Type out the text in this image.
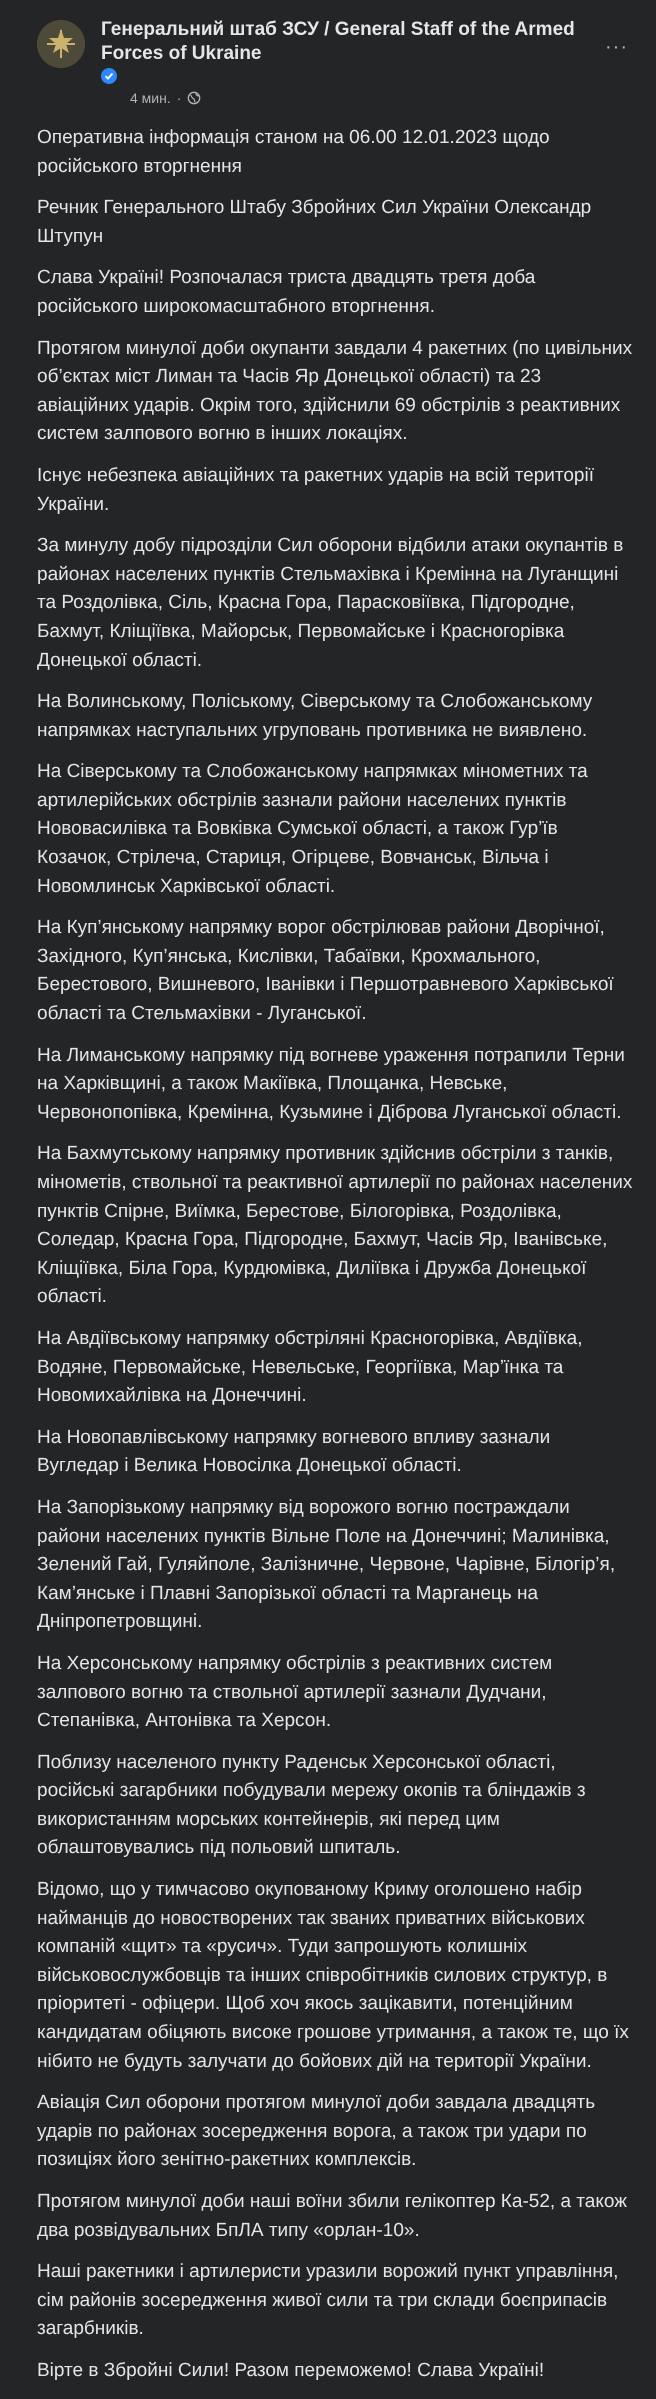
Генеральний штаб ЗСУ / General Staff of the Armed Forces of Ukraine
4 мин. ·
···

Оперативна інформація станом на 06.00 12.01.2023 щодо російського вторгнення

Речник Генерального Штабу Збройних Сил України Олександр Штупун

Слава Україні! Розпочалася триста двадцять третя доба російського широкомасштабного вторгнення.

Протягом минулої доби окупанти завдали 4 ракетних (по цивільних об’єктах міст Лиман та Часів Яр Донецької області) та 23 авіаційних ударів. Окрім того, здійснили 69 обстрілів з реактивних систем залпового вогню в інших локаціях.

Існує небезпека авіаційних та ракетних ударів на всій території України.

За минулу добу підрозділи Сил оборони відбили атаки окупантів в районах населених пунктів Стельмахівка і Кремінна на Луганщині та Роздолівка, Сіль, Красна Гора, Парасковіївка, Підгородне, Бахмут, Кліщіївка, Майорськ, Первомайське і Красногорівка Донецької області.

На Волинському, Поліському, Сіверському та Слобожанському напрямках наступальних угруповань противника не виявлено.

На Сіверському та Слобожанському напрямках мінометних та артилерійських обстрілів зазнали райони населених пунктів Нововасилівка та Вовківка Сумської області, а також Гур’їв Козачок, Стрілеча, Стариця, Огірцеве, Вовчанськ, Вільча і Новомлинськ Харківської області.

На Куп’янському напрямку ворог обстрілював райони Дворічної, Західного, Куп’янська, Кислівки, Табаївки, Крохмального, Берестового, Вишневого, Іванівки і Першотравневого Харківської області та Стельмахівки - Луганської.

На Лиманському напрямку під вогневе ураження потрапили Терни на Харківщині, а також Макіївка, Площанка, Невське, Червонопопівка, Кремінна, Кузьмине і Діброва Луганської області.

На Бахмутському напрямку противник здійснив обстріли з танків, мінометів, ствольної та реактивної артилерії по районах населених пунктів Спірне, Виїмка, Берестове, Білогорівка, Роздолівка, Соледар, Красна Гора, Підгородне, Бахмут, Часів Яр, Іванівське, Кліщіївка, Біла Гора, Курдюмівка, Диліївка і Дружба Донецької області.

На Авдіївському напрямку обстріляні Красногорівка, Авдіївка, Водяне, Первомайське, Невельське, Георгіївка, Мар’їнка та Новомихайлівка на Донеччині.

На Новопавлівському напрямку вогневого впливу зазнали Вугледар і Велика Новосілка Донецької області.

На Запорізькому напрямку від ворожого вогню постраждали райони населених пунктів Вільне Поле на Донеччині; Малинівка, Зелений Гай, Гуляйполе, Залізничне, Червоне, Чарівне, Білогір’я, Кам’янське і Плавні Запорізької області та Марганець на Дніпропетровщині.

На Херсонському напрямку обстрілів з реактивних систем залпового вогню та ствольної артилерії зазнали Дудчани, Степанівка, Антонівка та Херсон.

Поблизу населеного пункту Раденськ Херсонської області, російські загарбники побудували мережу окопів та бліндажів з використанням морських контейнерів, які перед цим облаштовувались під польовий шпиталь.

Відомо, що у тимчасово окупованому Криму оголошено набір найманців до новостворених так званих приватних військових компаній «щит» та «русич». Туди запрошують колишніх військовослужбовців та інших співробітників силових структур, в пріоритеті - офіцери. Щоб хоч якось зацікавити, потенційним кандидатам обіцяють високе грошове утримання, а також те, що їх нібито не будуть залучати до бойових дій на території України.

Авіація Сил оборони протягом минулої доби завдала двадцять ударів по районах зосередження ворога, а також три удари по позиціях його зенітно-ракетних комплексів.

Протягом минулої доби наші воїни збили гелікоптер Ка-52, а також два розвідувальних БпЛА типу «орлан-10».

Наші ракетники і артилеристи уразили ворожий пункт управління, сім районів зосередження живої сили та три склади боєприпасів загарбників.

Вірте в Збройні Сили! Разом переможемо! Слава Україні!
